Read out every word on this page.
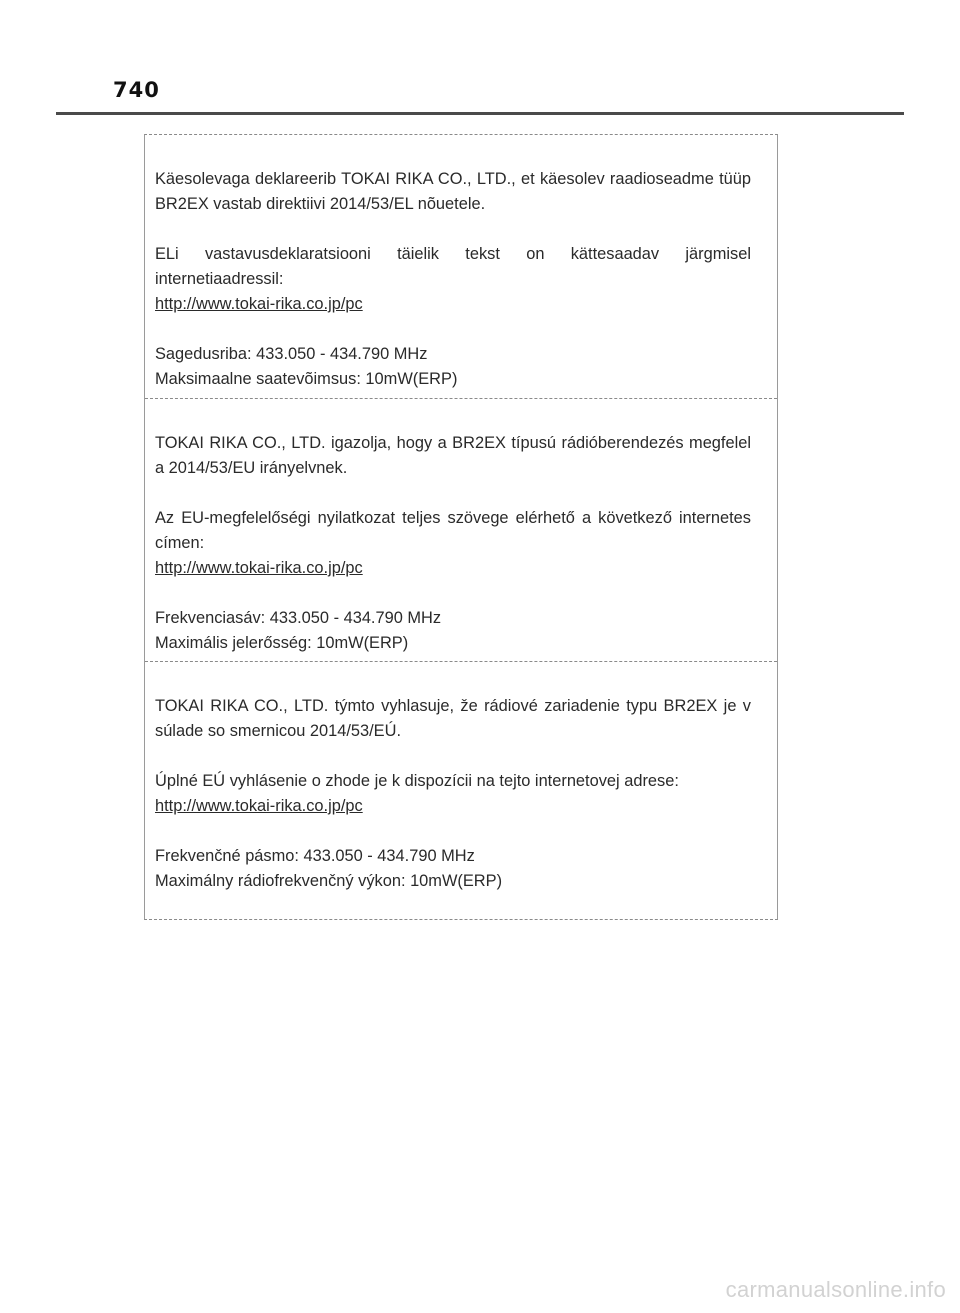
740

Käesolevaga deklareerib TOKAI RIKA CO., LTD., et käesolev raadioseadme tüüp BR2EX vastab direktiivi 2014/53/EL nõuetele.

ELi vastavusdeklaratsiooni täielik tekst on kättesaadav järgmisel internetiaadressil:

http://www.tokai-rika.co.jp/pc

Sagedusriba: 433.050 - 434.790 MHz

Maksimaalne saatevõimsus: 10mW(ERP)

TOKAI RIKA CO., LTD. igazolja, hogy a BR2EX típusú rádióberendezés megfelel a 2014/53/EU irányelvnek.

Az EU-megfelelőségi nyilatkozat teljes szövege elérhető a következő internetes címen:

http://www.tokai-rika.co.jp/pc

Frekvenciasáv: 433.050 - 434.790 MHz

Maximális jelerősség: 10mW(ERP)

TOKAI RIKA CO., LTD. týmto vyhlasuje, že rádiové zariadenie typu BR2EX je v súlade so smernicou 2014/53/EÚ.

Úplné EÚ vyhlásenie o zhode je k dispozícii na tejto internetovej adrese:

http://www.tokai-rika.co.jp/pc

Frekvenčné pásmo: 433.050 - 434.790 MHz

Maximálny rádiofrekvenčný výkon: 10mW(ERP)

carmanualsonline.info
